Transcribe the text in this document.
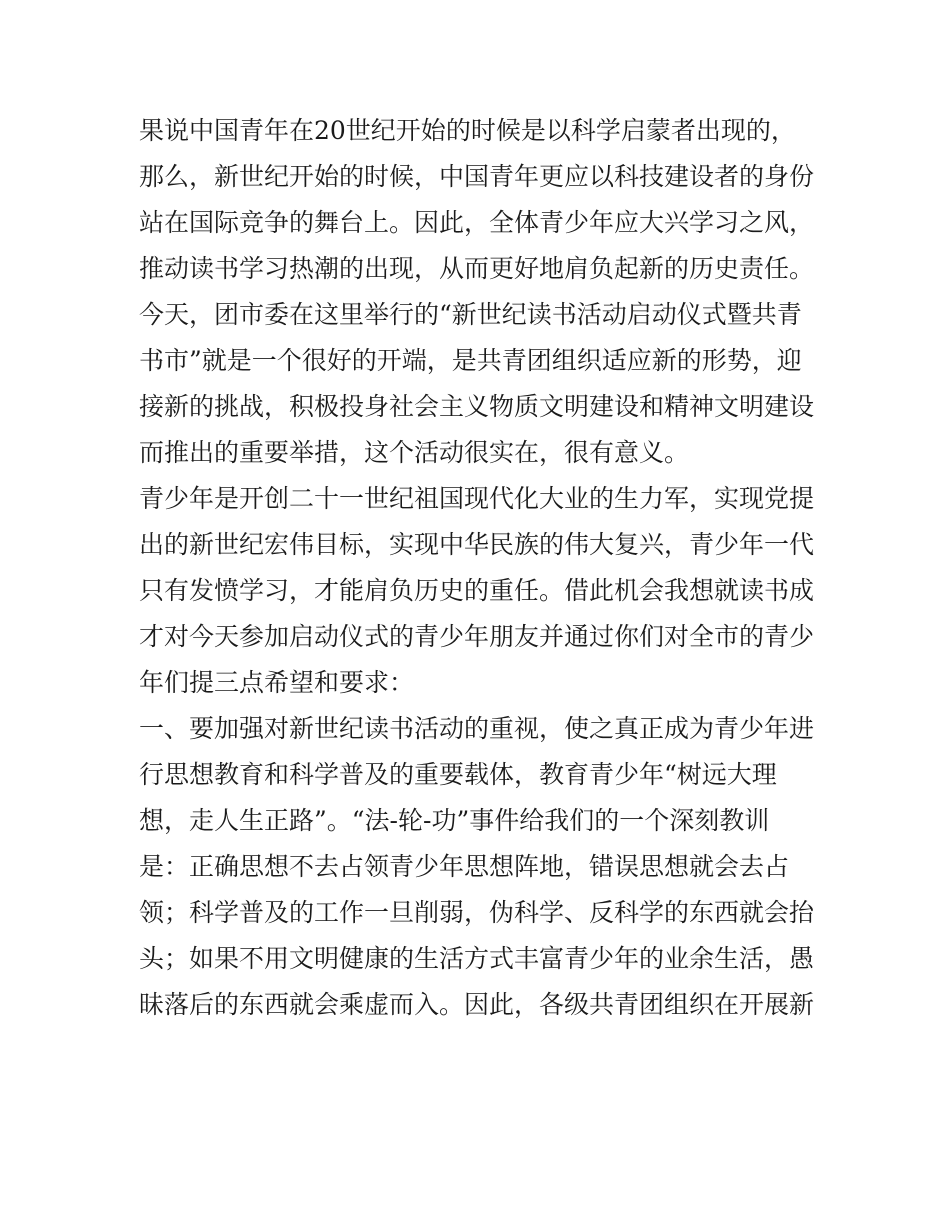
果说中国青年在20世纪开始的时候是以科学启蒙者出现的，
那么，新世纪开始的时候，中国青年更应以科技建设者的身份
站在国际竞争的舞台上。因此，全体青少年应大兴学习之风，
推动读书学习热潮的出现，从而更好地肩负起新的历史责任。
今天，团市委在这里举行的“新世纪读书活动启动仪式暨共青
书市”就是一个很好的开端，是共青团组织适应新的形势，迎
接新的挑战，积极投身社会主义物质文明建设和精神文明建设
而推出的重要举措，这个活动很实在，很有意义。
青少年是开创二十一世纪祖国现代化大业的生力军，实现党提
出的新世纪宏伟目标，实现中华民族的伟大复兴，青少年一代
只有发愤学习，才能肩负历史的重任。借此机会我想就读书成
才对今天参加启动仪式的青少年朋友并通过你们对全市的青少
年们提三点希望和要求：
一、要加强对新世纪读书活动的重视，使之真正成为青少年进
行思想教育和科学普及的重要载体，教育青少年“树远大理
想，走人生正路”。“法-轮-功”事件给我们的一个深刻教训
是：正确思想不去占领青少年思想阵地，错误思想就会去占
领；科学普及的工作一旦削弱，伪科学、反科学的东西就会抬
头；如果不用文明健康的生活方式丰富青少年的业余生活，愚
昧落后的东西就会乘虚而入。因此，各级共青团组织在开展新
